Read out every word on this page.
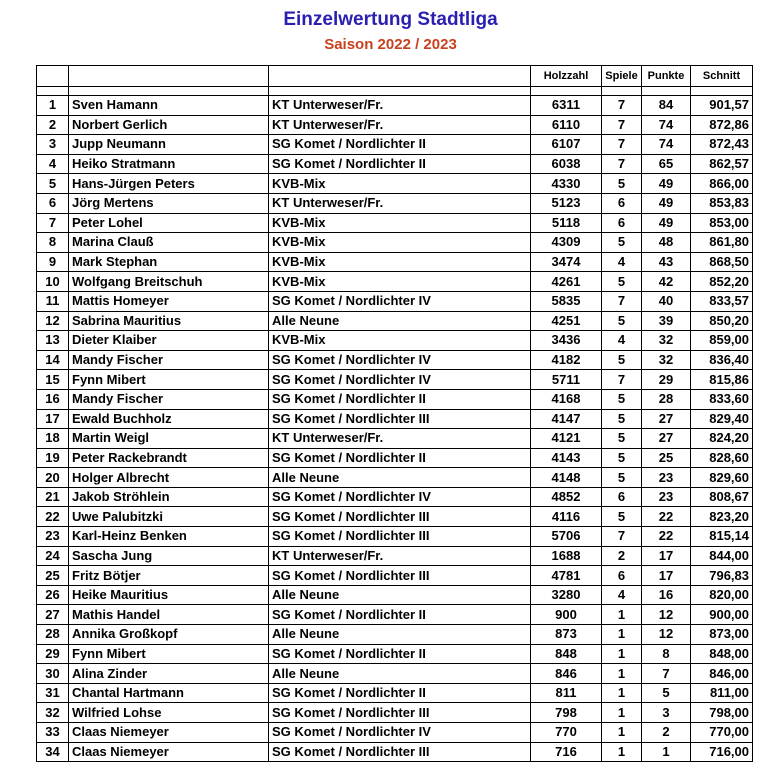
Einzelwertung Stadtliga
Saison 2022 / 2023
			Holzzahl	Spiele	Punkte	Schnitt

1	Sven Hamann	KT Unterweser/Fr.	6311	7	84	901,57
2	Norbert Gerlich	KT Unterweser/Fr.	6110	7	74	872,86
3	Jupp Neumann	SG Komet / Nordlichter II	6107	7	74	872,43
4	Heiko Stratmann	SG Komet / Nordlichter II	6038	7	65	862,57
5	Hans-Jürgen Peters	KVB-Mix	4330	5	49	866,00
6	Jörg Mertens	KT Unterweser/Fr.	5123	6	49	853,83
7	Peter Lohel	KVB-Mix	5118	6	49	853,00
8	Marina Clauß	KVB-Mix	4309	5	48	861,80
9	Mark Stephan	KVB-Mix	3474	4	43	868,50
10	Wolfgang Breitschuh	KVB-Mix	4261	5	42	852,20
11	Mattis Homeyer	SG Komet / Nordlichter IV	5835	7	40	833,57
12	Sabrina Mauritius	Alle Neune	4251	5	39	850,20
13	Dieter Klaiber	KVB-Mix	3436	4	32	859,00
14	Mandy Fischer	SG Komet / Nordlichter IV	4182	5	32	836,40
15	Fynn Mibert	SG Komet / Nordlichter IV	5711	7	29	815,86
16	Mandy Fischer	SG Komet / Nordlichter II	4168	5	28	833,60
17	Ewald Buchholz	SG Komet / Nordlichter III	4147	5	27	829,40
18	Martin Weigl	KT Unterweser/Fr.	4121	5	27	824,20
19	Peter Rackebrandt	SG Komet / Nordlichter II	4143	5	25	828,60
20	Holger Albrecht	Alle Neune	4148	5	23	829,60
21	Jakob Ströhlein	SG Komet / Nordlichter IV	4852	6	23	808,67
22	Uwe Palubitzki	SG Komet / Nordlichter III	4116	5	22	823,20
23	Karl-Heinz Benken	SG Komet / Nordlichter III	5706	7	22	815,14
24	Sascha Jung	KT Unterweser/Fr.	1688	2	17	844,00
25	Fritz Bötjer	SG Komet / Nordlichter III	4781	6	17	796,83
26	Heike Mauritius	Alle Neune	3280	4	16	820,00
27	Mathis Handel	SG Komet / Nordlichter II	900	1	12	900,00
28	Annika Großkopf	Alle Neune	873	1	12	873,00
29	Fynn Mibert	SG Komet / Nordlichter II	848	1	8	848,00
30	Alina Zinder	Alle Neune	846	1	7	846,00
31	Chantal Hartmann	SG Komet / Nordlichter II	811	1	5	811,00
32	Wilfried Lohse	SG Komet / Nordlichter III	798	1	3	798,00
33	Claas Niemeyer	SG Komet / Nordlichter IV	770	1	2	770,00
34	Claas Niemeyer	SG Komet / Nordlichter III	716	1	1	716,00
